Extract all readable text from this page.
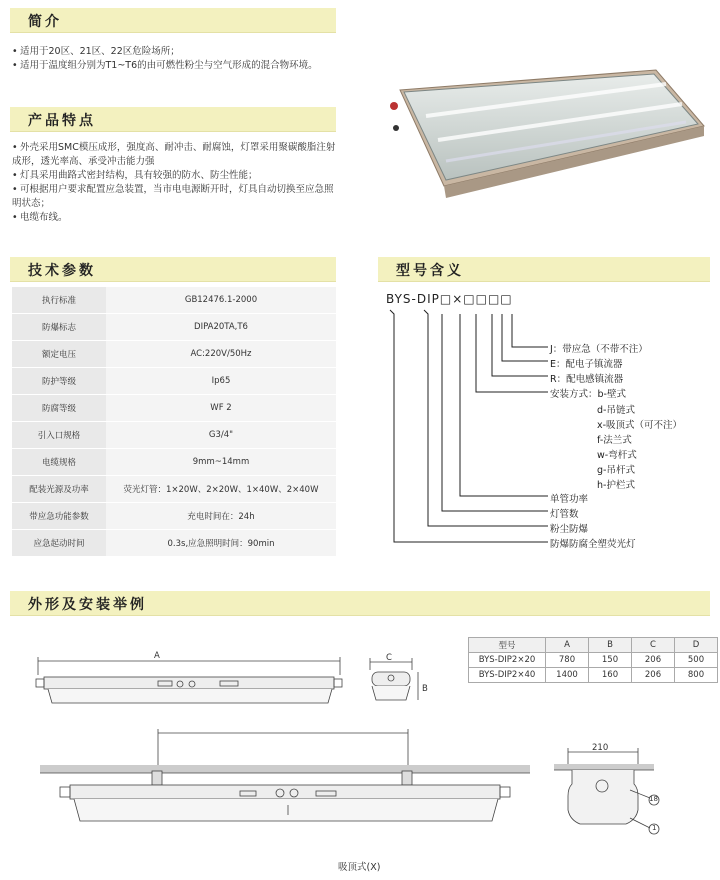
简介
• 适用于20区、21区、22区危险场所；
• 适用于温度组分别为T1~T6的由可燃性粉尘与空气形成的混合物环境。
产品特点
• 外壳采用SMC模压成形，强度高、耐冲击、耐腐蚀，灯罩采用聚碳酸脂注射
成形，透光率高、承受冲击能力强
• 灯具采用曲路式密封结构，具有较强的防水、防尘性能；
• 可根据用户要求配置应急装置，当市电电源断开时，灯具自动切换至应急照
明状态；
• 电缆布线。
技术参数
执行标准	GB12476.1-2000
防爆标志	DIPA20TA,T6
额定电压	AC:220V/50Hz
防护等级	Ip65
防腐等级	WF 2
引入口规格	G3/4"
电缆规格	9mm~14mm
配装光源及功率	荧光灯管：1×20W、2×20W、1×40W、2×40W
带应急功能参数	充电时间在：24h
应急起动时间	0.3s,应急照明时间：90min
型号含义
BYS-DIP□×□□□□
J：带应急（不带不注）
E：配电子镇流器
R：配电感镇流器
安装方式：b-壁式
d-吊链式
x-吸顶式（可不注）
f-法兰式
w-弯杆式
g-吊杆式
h-护栏式
单管功率
灯管数
粉尘防爆
防爆防腐全塑荧光灯
外形及安装举例
型号	A	B	C	D
BYS-DIP2×20	780	150	206	500
BYS-DIP2×40	1400	160	206	800
A	C
B
210
18
1
吸顶式(X)
